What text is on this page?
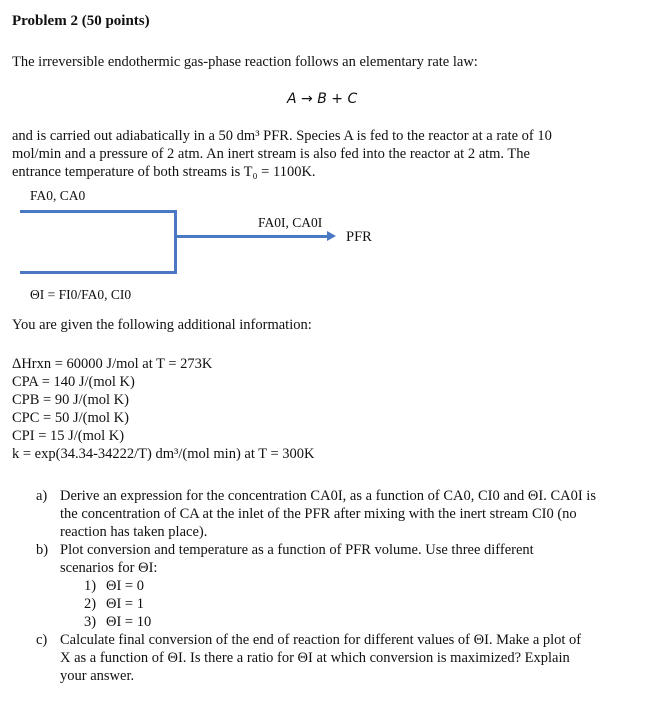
Problem 2 (50 points)
The irreversible endothermic gas-phase reaction follows an elementary rate law:
A → B + C
and is carried out adiabatically in a 50 dm³ PFR. Species A is fed to the reactor at a rate of 10
mol/min and a pressure of 2 atm. An inert stream is also fed into the reactor at 2 atm. The
entrance temperature of both streams is T₀ = 1100K.
FA0, CA0
FA0I, CA0I
PFR
ΘI = FI0/FA0, CI0
You are given the following additional information:
ΔHrxn = 60000 J/mol at T = 273K
CPA = 140 J/(mol K)
CPB = 90 J/(mol K)
CPC = 50 J/(mol K)
CPI = 15 J/(mol K)
k = exp(34.34-34222/T) dm³/(mol min) at T = 300K
a) Derive an expression for the concentration CA0I, as a function of CA0, CI0 and ΘI. CA0I is
the concentration of CA at the inlet of the PFR after mixing with the inert stream CI0 (no
reaction has taken place).
b) Plot conversion and temperature as a function of PFR volume. Use three different
scenarios for ΘI:
1) ΘI = 0
2) ΘI = 1
3) ΘI = 10
c) Calculate final conversion of the end of reaction for different values of ΘI. Make a plot of
X as a function of ΘI. Is there a ratio for ΘI at which conversion is maximized? Explain
your answer.
